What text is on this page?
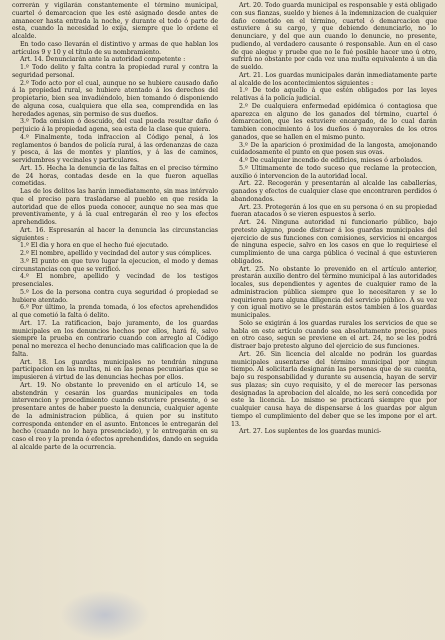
correrán y vigilarán constantemente el término municipal, cuartel ó demarcacion que les esté asignado desde antes de amanecer hasta entrada la noche, y durante el todo ó parte de esta, cuando la necesidad lo exija, siempre que lo ordene el alcalde.

En todo caso llevarán el distintivo y armas de que hablan los artículos 9 y 10 y el título de su nombramiento.

Art. 14. Denunciarán ante la autoridad competente :

1.º Todo delito y falta contra la propiedad rural y contra la seguridad personal.

2.º Todo acto por el cual, aunque no se hubiere causado daño á la propiedad rural, se hubiere atentado á los derechos del propietario, bien sea invadiéndolo, bien tomando ó disponiendo de alguna cosa, cualquiera que ella sea, comprendida en las heredades agenas, sin permiso de sus dueños.

3.º Toda omision ó descuido, del cual pueda resultar daño ó perjuicio á la propiedad agena, sea esta de la clase que quiera.

4.º Finalmente, toda infraccion al Código penal, á los reglamentos ó bandos de policía rural, á las ordenanzas de caza y pesca, á las de montes y plantíos, y á las de caminos, servidumbres y vecinales y particulares.

Art. 15. Hecha la denuncia de las faltas en el preciso término de 24 horas, contadas desde en la que fueron aquellas cometidas.

Las de los delitos las harán inmediatamente, sin mas intérvalo que el preciso para trasladarse al pueblo en que resida la autoridad que de ellos pueda conocer, aunque no sea mas que preventivamente, y á la cual entregarán el reo y los efectos aprehendidos.

Art. 16. Espresarán al hacer la denuncia las circunstancias siguientes :

1.º El dia y hora en que el hecho fué ejecutado.

2.º El nombre, apellido y vecindad del autor y sus cómplices.

3.º El punto en que tuvo lugar la ejecucion, el modo y demas circunstancias con que se verificó.

4.º El nombre, apellido y vecindad de los testigos presenciales.

5.º Los de la persona contra cuya seguridad ó propiedad se hubiere atentado.

6.º Por último, la prenda tomada, ó los efectos aprehendidos al que cometió la falta ó delito.

Art. 17. La ratificacion, bajo juramento, de los guardas municipales en los denuncios hechos por ellos, hará fé, salvo siempre la prueba en contrario cuando con arreglo al Código penal no merezca el hecho denunciado mas calificacion que la de falta.

Art. 18. Los guardas municipales no tendrán ninguna participacion en las multas, ni en las penas pecuniarias que se impusieren á virtud de las denuncias hechas por ellos.

Art. 19. No obstante lo prevenido en el artículo 14, se abstendrán y cesarán los guardas municipales en toda intervencion y procedimiento cuando estuviere presente, ó se presentare antes de haber puesto la denuncia, cualquier agente de la administracion pública, á quien por su instituto corresponda entender en el asunto. Entonces le entregarán del hecho (cuando no lo haya presenciado), y le entregarán en su caso el reo y la prenda ó efectos aprehendidos, dando en seguida al alcalde parte de la ocurrencia.

Art. 20. Todo guarda municipal es responsable y está obligado con sus fianzas, sueldo y bienes á la indemnizacion de cualquier daño cometido en el término, cuartel ó demarcacion que estuviere á su cargo, y que debiendo denunciarlo, no lo denunciare, y del que aun cuando lo denuncie, no presente, pudiendo, al verdadero causante ó responsable. Aun en el caso de que alegue y pruebe que no le fué posible hacer uno ú otro, sufrirá no obstante por cada vez una multa equivalente á un dia de sueldo.

Art. 21. Los guardas municipales darán inmediatamente parte al alcalde de los acontecimientos siguientes :

1.º De todo aquello á que estén obligados por las leyes relativas á la policía judicial.

2.º De cualquiera enfermedad epidémica ó contagiosa que aparezca en alguno de los ganados del término, cuartel ó demarcacion, que les estuviere encargado, de lo cual darán tambien conocimiento á los dueños ó mayorales de los otros ganados, que se hallen en el mismo punto.

3.º De la aparicion ó proximidad de la langosta, amojonando cuidadosamente el punto en que posen sus ovas.

4.º De cualquier incendio de edificios, mieses ó arbolados.

5.º Ultimamente de todo suceso que reclame la proteccion, auxilio ó intervencion de la autoridad local.

Art. 22. Recogerán y presentarán al alcalde las caballerías, ganados y efectos de cualquier clase que encontraren perdidos ó abandonados.

Art. 23. Protegerán á los que en su persona ó en su propiedad fueran atacados ó se vieren espuestos á serlo.

Art. 24. Ninguna autoridad ni funcionario público, bajo pretesto alguno, puede distraer á los guardas municipales del ejercicio de sus funciones con comisiones, servicios ni encargos de ninguna especie, salvo en los casos en que lo requiriese el cumplimiento de una carga pública ó vecinal á que estuvieren obligados.

Art. 25. No obstante lo prevenido en el artículo anterior, prestarán auxilio dentro del término municipal á las autoridades locales, sus dependientes y agentes de cualquier ramo de la administracion pública siempre que lo necesitaren y se lo requirieren para alguna diligencia del servicio público. A su vez y con igual motivo se le prestarán estos tambien á los guardas municipales.

Solo se exigirán á los guardas rurales los servicios de que se habla en este artículo cuando sea absolutamente preciso, pues en otro caso, segun se previene en el art. 24, no se les podrá distraer bajo pretesto alguno del ejercicio de sus funciones.

Art. 26. Sin licencia del alcalde no podrán los guardas municipales ausentarse del término municipal por ningun tiempo. Al solicitarla designarán las personas que de su cuenta, bajo su responsabilidad y durante su ausencia, hayan de servir sus plazas; sin cuyo requisito, y el de merecer las personas designadas la aprobacion del alcalde, no les será concedida por este la licencia. Lo mismo se practicará siempre que por cualquier causa haya de dispensarse á los guardas por algun tiempo el cumplimiento del deber que se les impone por el art. 13.

Art. 27. Los suplentes de los guardas munici-
